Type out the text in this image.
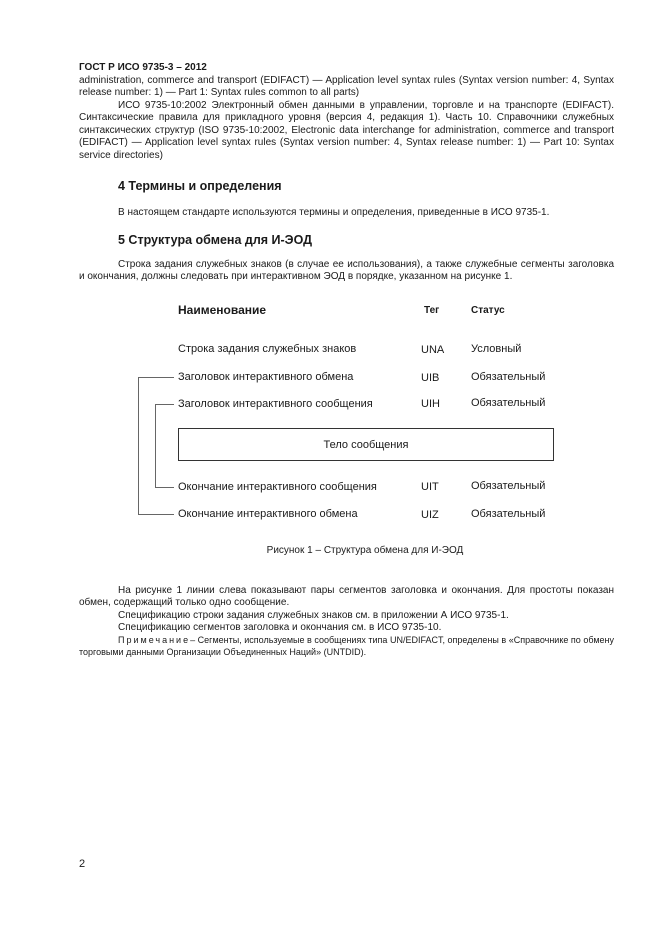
ГОСТ Р ИСО 9735-3 – 2012
administration, commerce and transport (EDIFACT) — Application level syntax rules (Syntax version number: 4, Syntax release number: 1) — Part 1: Syntax rules common to all parts)
ИСО 9735-10:2002 Электронный обмен данными в управлении, торговле и на транспорте (EDIFACT). Синтаксические правила для прикладного уровня (версия 4, редакция 1). Часть 10. Справочники служебных синтаксических структур (ISO 9735-10:2002, Electronic data interchange for administration, commerce and transport (EDIFACT) — Application level syntax rules (Syntax version number: 4, Syntax release number: 1) — Part 10: Syntax service directories)
4 Термины и определения
В настоящем стандарте используются термины и определения, приведенные в ИСО 9735-1.
5 Структура обмена для И-ЭОД
Строка задания служебных знаков (в случае ее использования), а также служебные сегменты заголовка и окончания, должны следовать при интерактивном ЭОД в порядке, указанном на рисунке 1.
Наименование	Тег	Статус
Строка задания служебных знаков	UNA Условный
Заголовок интерактивного обмена	UIB	Обязательный
Заголовок интерактивного сообщения	UIH	Обязательный
Тело сообщения
Окончание интерактивного сообщения	UIT	Обязательный
Окончание интерактивного обмена	UIZ	Обязательный
Рисунок 1 – Структура обмена для И-ЭОД
На рисунке 1 линии слева показывают пары сегментов заголовка и окончания. Для простоты показан обмен, содержащий только одно сообщение.
Спецификацию строки задания служебных знаков см. в приложении А ИСО 9735-1.
Спецификацию сегментов заголовка и окончания см. в ИСО 9735-10.
Примечание– Сегменты, используемые в сообщениях типа UN/EDIFACT, определены в «Справочнике по обмену торговыми данными Организации Объединенных Наций» (UNTDID).
2
